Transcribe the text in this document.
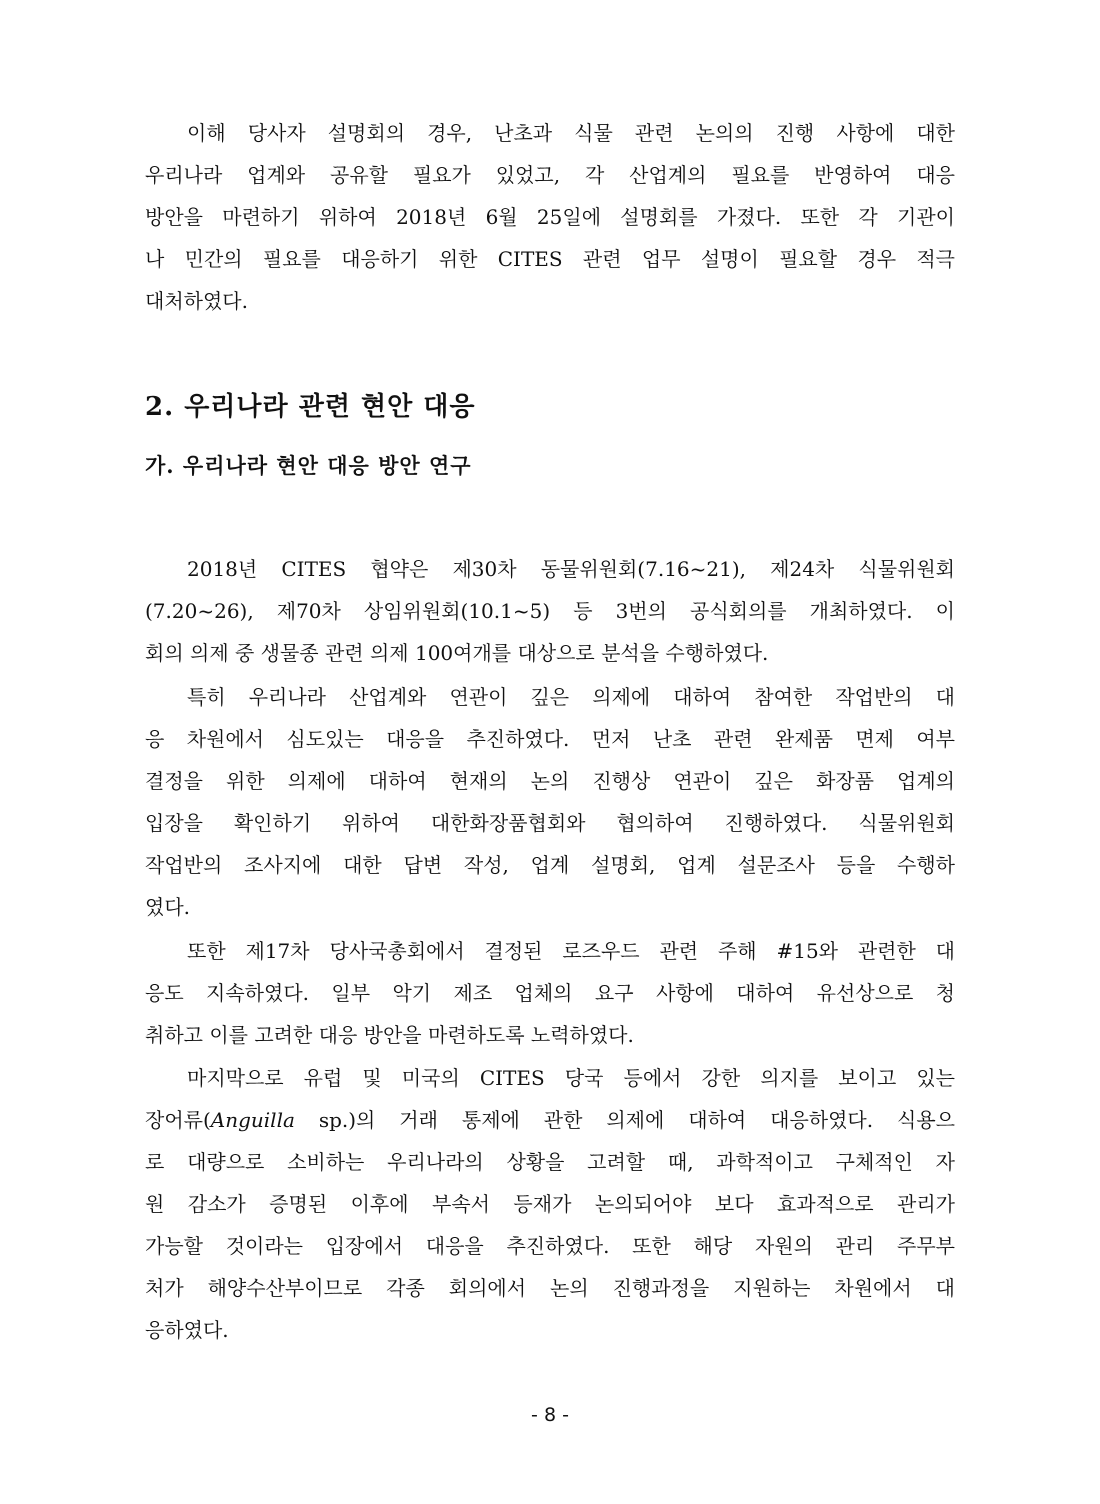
이해 당사자 설명회의 경우, 난초과 식물 관련 논의의 진행 사항에 대한
우리나라 업계와 공유할 필요가 있었고, 각 산업계의 필요를 반영하여 대응
방안을 마련하기 위하여 2018년 6월 25일에 설명회를 가졌다. 또한 각 기관이
나 민간의 필요를 대응하기 위한 CITES 관련 업무 설명이 필요할 경우 적극
대처하였다.
2. 우리나라 관련 현안 대응
가. 우리나라 현안 대응 방안 연구
2018년 CITES 협약은 제30차 동물위원회(7.16~21), 제24차 식물위원회
(7.20~26), 제70차 상임위원회(10.1~5) 등 3번의 공식회의를 개최하였다. 이
회의 의제 중 생물종 관련 의제 100여개를 대상으로 분석을 수행하였다.
특히 우리나라 산업계와 연관이 깊은 의제에 대하여 참여한 작업반의 대
응 차원에서 심도있는 대응을 추진하였다. 먼저 난초 관련 완제품 면제 여부
결정을 위한 의제에 대하여 현재의 논의 진행상 연관이 깊은 화장품 업계의
입장을 확인하기 위하여 대한화장품협회와 협의하여 진행하였다. 식물위원회
작업반의 조사지에 대한 답변 작성, 업계 설명회, 업계 설문조사 등을 수행하
였다.
또한 제17차 당사국총회에서 결정된 로즈우드 관련 주해 #15와 관련한 대
응도 지속하였다. 일부 악기 제조 업체의 요구 사항에 대하여 유선상으로 청
취하고 이를 고려한 대응 방안을 마련하도록 노력하였다.
마지막으로 유럽 및 미국의 CITES 당국 등에서 강한 의지를 보이고 있는
장어류(Anguilla sp.)의 거래 통제에 관한 의제에 대하여 대응하였다. 식용으
로 대량으로 소비하는 우리나라의 상황을 고려할 때, 과학적이고 구체적인 자
원 감소가 증명된 이후에 부속서 등재가 논의되어야 보다 효과적으로 관리가
가능할 것이라는 입장에서 대응을 추진하였다. 또한 해당 자원의 관리 주무부
처가 해양수산부이므로 각종 회의에서 논의 진행과정을 지원하는 차원에서 대
응하였다.
- 8 -
